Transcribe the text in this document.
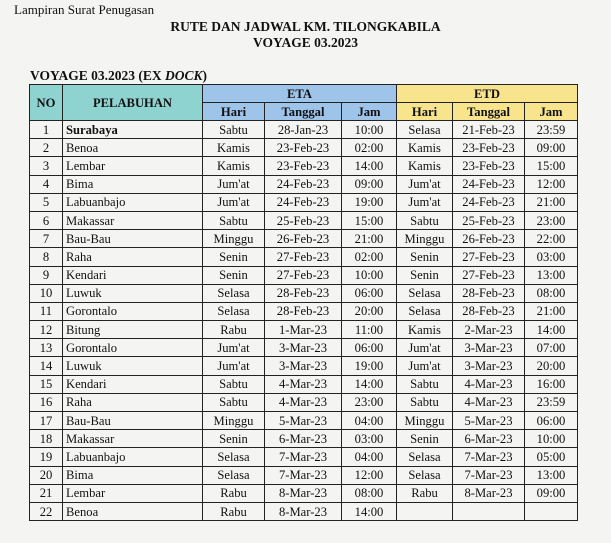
Lampiran Surat Penugasan
RUTE DAN JADWAL KM. TILONGKABILA
VOYAGE 03.2023
VOYAGE 03.2023 (EX DOCK)
NO	PELABUHAN	ETA			ETD		
		Hari	Tanggal	Jam	Hari	Tanggal	Jam
1	Surabaya	Sabtu	28-Jan-23	10:00	Selasa	21-Feb-23	23:59
2	Benoa	Kamis	23-Feb-23	02:00	Kamis	23-Feb-23	09:00
3	Lembar	Kamis	23-Feb-23	14:00	Kamis	23-Feb-23	15:00
4	Bima	Jum'at	24-Feb-23	09:00	Jum'at	24-Feb-23	12:00
5	Labuanbajo	Jum'at	24-Feb-23	19:00	Jum'at	24-Feb-23	21:00
6	Makassar	Sabtu	25-Feb-23	15:00	Sabtu	25-Feb-23	23:00
7	Bau-Bau	Minggu	26-Feb-23	21:00	Minggu	26-Feb-23	22:00
8	Raha	Senin	27-Feb-23	02:00	Senin	27-Feb-23	03:00
9	Kendari	Senin	27-Feb-23	10:00	Senin	27-Feb-23	13:00
10	Luwuk	Selasa	28-Feb-23	06:00	Selasa	28-Feb-23	08:00
11	Gorontalo	Selasa	28-Feb-23	20:00	Selasa	28-Feb-23	21:00
12	Bitung	Rabu	1-Mar-23	11:00	Kamis	2-Mar-23	14:00
13	Gorontalo	Jum'at	3-Mar-23	06:00	Jum'at	3-Mar-23	07:00
14	Luwuk	Jum'at	3-Mar-23	19:00	Jum'at	3-Mar-23	20:00
15	Kendari	Sabtu	4-Mar-23	14:00	Sabtu	4-Mar-23	16:00
16	Raha	Sabtu	4-Mar-23	23:00	Sabtu	4-Mar-23	23:59
17	Bau-Bau	Minggu	5-Mar-23	04:00	Minggu	5-Mar-23	06:00
18	Makassar	Senin	6-Mar-23	03:00	Senin	6-Mar-23	10:00
19	Labuanbajo	Selasa	7-Mar-23	04:00	Selasa	7-Mar-23	05:00
20	Bima	Selasa	7-Mar-23	12:00	Selasa	7-Mar-23	13:00
21	Lembar	Rabu	8-Mar-23	08:00	Rabu	8-Mar-23	09:00
22	Benoa	Rabu	8-Mar-23	14:00			
